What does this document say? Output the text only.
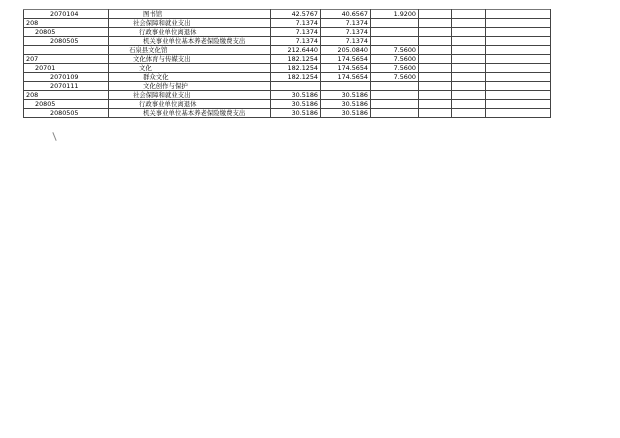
2070104	图书馆	42.5767	40.6567	1.9200			
208	社会保障和就业支出	7.1374	7.1374				
20805	行政事业单位离退休	7.1374	7.1374				
2080505	机关事业单位基本养老保险缴费支出	7.1374	7.1374				
	石泉县文化馆	212.6440	205.0840	7.5600			
207	文化体育与传媒支出	182.1254	174.5654	7.5600			
20701	文化	182.1254	174.5654	7.5600			
2070109	群众文化	182.1254	174.5654	7.5600			
2070111	文化创作与保护						
208	社会保障和就业支出	30.5186	30.5186				
20805	行政事业单位离退休	30.5186	30.5186				
2080505	机关事业单位基本养老保险缴费支出	30.5186	30.5186				
